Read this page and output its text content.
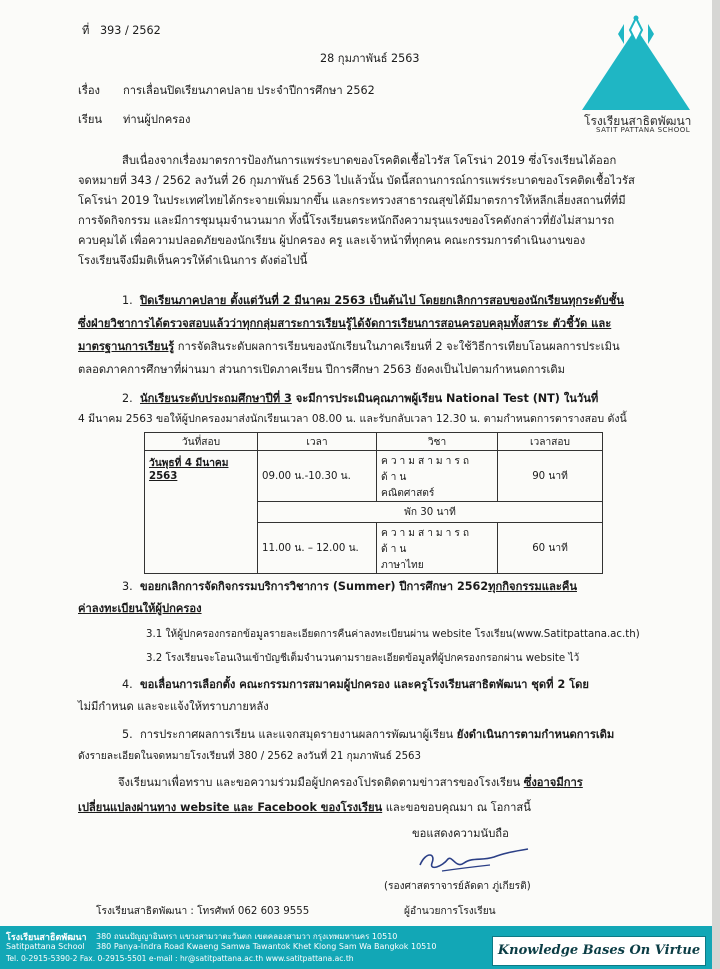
ที่ 393 / 2562
28 กุมภาพันธ์ 2563
โรงเรียนสาธิตพัฒนา
SATIT PATTANA SCHOOL
เรื่อง การเลื่อนปิดเรียนภาคปลาย ประจำปีการศึกษา 2562
เรียน ท่านผู้ปกครอง
สืบเนื่องจากเรื่องมาตรการป้องกันการแพร่ระบาดของโรคติดเชื้อไวรัส โคโรน่า 2019 ซึ่งโรงเรียนได้ออก
จดหมายที่ 343 / 2562 ลงวันที่ 26 กุมภาพันธ์ 2563 ไปแล้วนั้น บัดนี้สถานการณ์การแพร่ระบาดของโรคติดเชื้อไวรัส
โคโรน่า 2019 ในประเทศไทยได้กระจายเพิ่มมากขึ้น และกระทรวงสาธารณสุขได้มีมาตรการให้หลีกเลี่ยงสถานที่ที่มี
การจัดกิจกรรม และมีการชุมนุมจำนวนมาก ทั้งนี้โรงเรียนตระหนักถึงความรุนแรงของโรคดังกล่าวที่ยังไม่สามารถ
ควบคุมได้ เพื่อความปลอดภัยของนักเรียน ผู้ปกครอง ครู และเจ้าหน้าที่ทุกคน คณะกรรมการดำเนินงานของ
โรงเรียนจึงมีมติเห็นควรให้ดำเนินการ ดังต่อไปนี้
1. ปิดเรียนภาคปลาย ตั้งแต่วันที่ 2 มีนาคม 2563 เป็นต้นไป โดยยกเลิกการสอบของนักเรียนทุกระดับชั้น
ซึ่งฝ่ายวิชาการได้ตรวจสอบแล้วว่าทุกกลุ่มสาระการเรียนรู้ได้จัดการเรียนการสอนครอบคลุมทั้งสาระ ตัวชี้วัด และ
มาตรฐานการเรียนรู้ การจัดสินระดับผลการเรียนของนักเรียนในภาคเรียนที่ 2 จะใช้วิธีการเทียบโอนผลการประเมิน
ตลอดภาคการศึกษาที่ผ่านมา ส่วนการเปิดภาคเรียน ปีการศึกษา 2563 ยังคงเป็นไปตามกำหนดการเดิม
2. นักเรียนระดับประถมศึกษาปีที่ 3 จะมีการประเมินคุณภาพผู้เรียน National Test (NT) ในวันที่
4 มีนาคม 2563 ขอให้ผู้ปกครองมาส่งนักเรียนเวลา 08.00 น. และรับกลับเวลา 12.30 น. ตามกำหนดการตารางสอบ ดังนี้
วันที่สอบ	เวลา	วิชา	เวลาสอบ
วันพุธที่ 4 มีนาคม 2563	09.00 น.-10.30 น.	ความสามารถด้าน
คณิตศาสตร์	90 นาที
	พัก 30 นาที		
	11.00 น. – 12.00 น.	ความสามารถด้าน
ภาษาไทย	60 นาที
3. ขอยกเลิกการจัดกิจกรรมบริการวิชาการ (Summer) ปีการศึกษา 2562ทุกกิจกรรมและคืน
ค่าลงทะเบียนให้ผู้ปกครอง
3.1 ให้ผู้ปกครองกรอกข้อมูลรายละเอียดการคืนค่าลงทะเบียนผ่าน website โรงเรียน(www.Satitpattana.ac.th)
3.2 โรงเรียนจะโอนเงินเข้าบัญชีเต็มจำนวนตามรายละเอียดข้อมูลที่ผู้ปกครองกรอกผ่าน website ไว้
4. ขอเลื่อนการเลือกตั้ง คณะกรรมการสมาคมผู้ปกครอง และครูโรงเรียนสาธิตพัฒนา ชุดที่ 2 โดย
ไม่มีกำหนด และจะแจ้งให้ทราบภายหลัง
5. การประกาศผลการเรียน และแจกสมุดรายงานผลการพัฒนาผู้เรียน ยังดำเนินการตามกำหนดการเดิม
ดังรายละเอียดในจดหมายโรงเรียนที่ 380 / 2562 ลงวันที่ 21 กุมภาพันธ์ 2563
จึงเรียนมาเพื่อทราบ และขอความร่วมมือผู้ปกครองโปรดติดตามข่าวสารของโรงเรียน ซึ่งอาจมีการ
เปลี่ยนแปลงผ่านทาง website และ Facebook ของโรงเรียน และขอขอบคุณมา ณ โอกาสนี้
ขอแสดงความนับถือ
(รองศาสตราจารย์ลัดดา ภู่เกียรติ)
โรงเรียนสาธิตพัฒนา : โทรศัพท์ 062 603 9555	ผู้อำนวยการโรงเรียน
โรงเรียนสาธิตพัฒนา
Satitpattana School
380 ถนนปัญญาอินทรา แขวงสามวาตะวันตก เขตคลองสามวา กรุงเทพมหานคร 10510
380 Panya-Indra Road Kwaeng Samwa Tawantok Khet Klong Sam Wa Bangkok 10510
Tel. 0-2915-5390-2 Fax. 0-2915-5501 e-mail : hr@satitpattana.ac.th www.satitpattana.ac.th
Knowledge Bases On Virtue
